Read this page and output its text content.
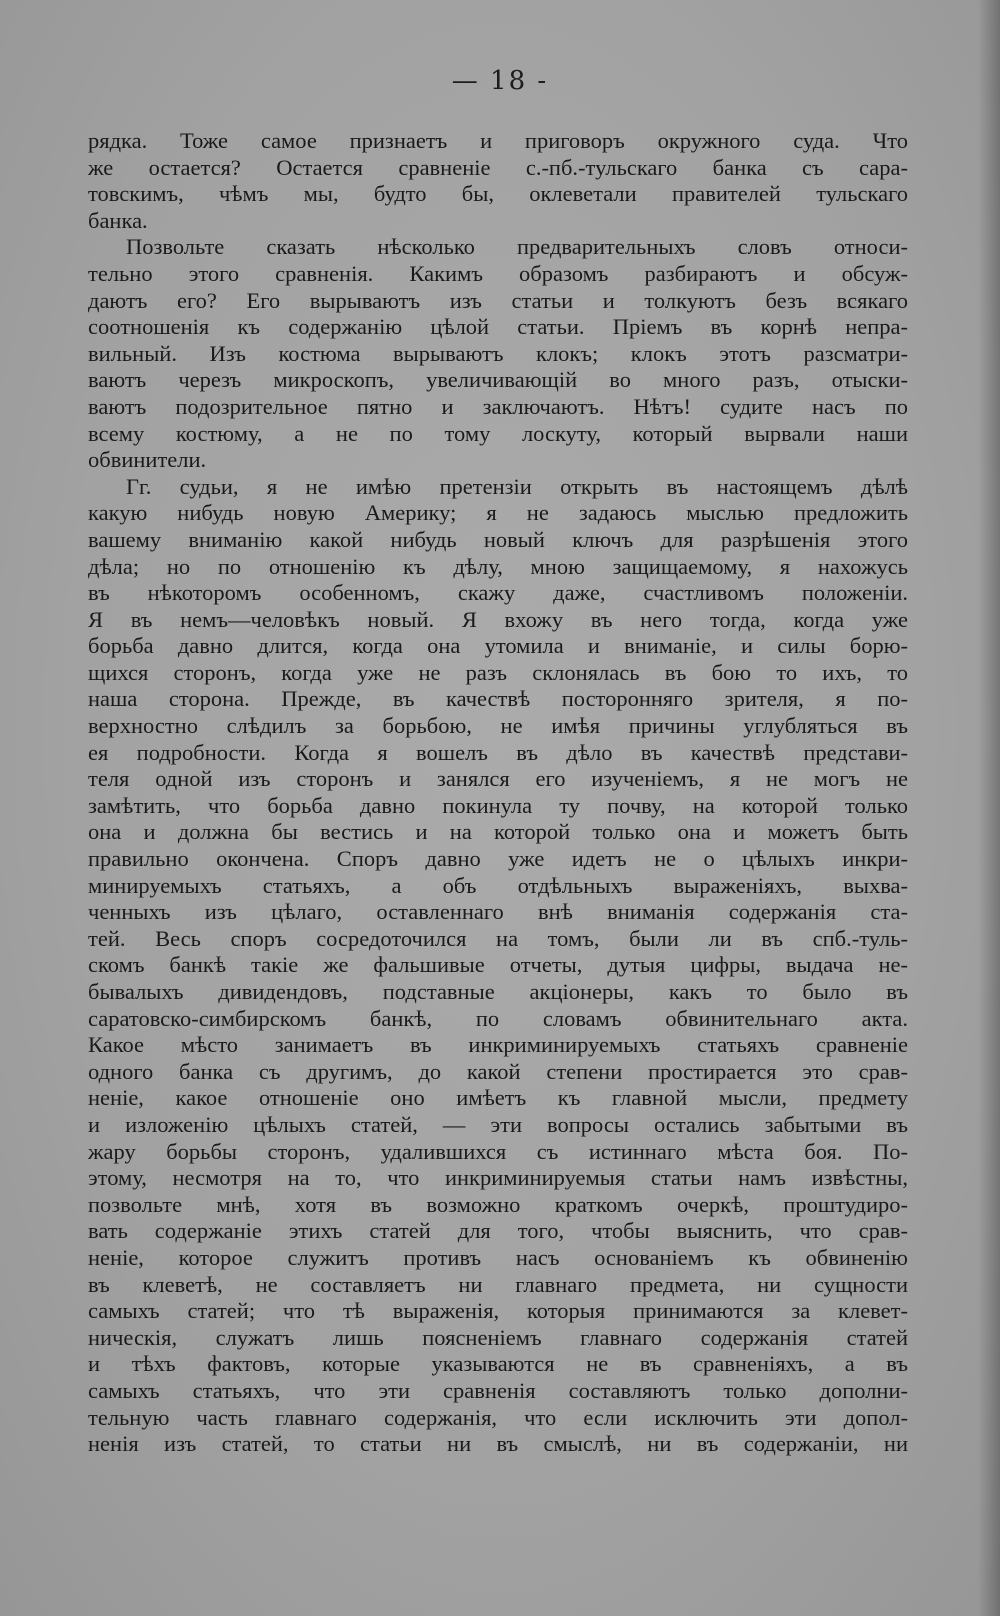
— 18 -
рядка. Тоже самое признаетъ и приговоръ окружного суда. Что
же остается? Остается сравненіе с.-пб.-тульскаго банка съ сара-
товскимъ, чѣмъ мы, будто бы, оклеветали правителей тульскаго
банка.
Позвольте сказать нѣсколько предварительныхъ словъ относи-
тельно этого сравненія. Какимъ образомъ разбираютъ и обсуж-
даютъ его? Его вырываютъ изъ статьи и толкуютъ безъ всякаго
соотношенія къ содержанію цѣлой статьи. Пріемъ въ корнѣ непра-
вильный. Изъ костюма вырываютъ клокъ; клокъ этотъ разсматри-
ваютъ черезъ микроскопъ, увеличивающій во много разъ, отыски-
ваютъ подозрительное пятно и заключаютъ. Нѣтъ! судите насъ по
всему костюму, а не по тому лоскуту, который вырвали наши
обвинители.
Гг. судьи, я не имѣю претензіи открыть въ настоящемъ дѣлѣ
какую нибудь новую Америку; я не задаюсь мыслью предложить
вашему вниманію какой нибудь новый ключъ для разрѣшенія этого
дѣла; но по отношенію къ дѣлу, мною защищаемому, я нахожусь
въ нѣкоторомъ особенномъ, скажу даже, счастливомъ положеніи.
Я въ немъ—человѣкъ новый. Я вхожу въ него тогда, когда уже
борьба давно длится, когда она утомила и вниманіе, и силы борю-
щихся сторонъ, когда уже не разъ склонялась въ бою то ихъ, то
наша сторона. Прежде, въ качествѣ посторонняго зрителя, я по-
верхностно слѣдилъ за борьбою, не имѣя причины углубляться въ
ея подробности. Когда я вошелъ въ дѣло въ качествѣ представи-
теля одной изъ сторонъ и занялся его изученіемъ, я не могъ не
замѣтить, что борьба давно покинула ту почву, на которой только
она и должна бы вестись и на которой только она и можетъ быть
правильно окончена. Споръ давно уже идетъ не о цѣлыхъ инкри-
минируемыхъ статьяхъ, а объ отдѣльныхъ выраженіяхъ, выхва-
ченныхъ изъ цѣлаго, оставленнаго внѣ вниманія содержанія ста-
тей. Весь споръ сосредоточился на томъ, были ли въ спб.-туль-
скомъ банкѣ такіе же фальшивые отчеты, дутыя цифры, выдача не-
бывалыхъ дивидендовъ, подставные акціонеры, какъ то было въ
саратовско-симбирскомъ банкѣ, по словамъ обвинительнаго акта.
Какое мѣсто занимаетъ въ инкриминируемыхъ статьяхъ сравненіе
одного банка съ другимъ, до какой степени простирается это срав-
неніе, какое отношеніе оно имѣетъ къ главной мысли, предмету
и изложенію цѣлыхъ статей, — эти вопросы остались забытыми въ
жару борьбы сторонъ, удалившихся съ истиннаго мѣста боя. По-
этому, несмотря на то, что инкриминируемыя статьи намъ извѣстны,
позвольте мнѣ, хотя въ возможно краткомъ очеркѣ, проштудиро-
вать содержаніе этихъ статей для того, чтобы выяснить, что срав-
неніе, которое служитъ противъ насъ основаніемъ къ обвиненію
въ клеветѣ, не составляетъ ни главнаго предмета, ни сущности
самыхъ статей; что тѣ выраженія, которыя принимаются за клевет-
ническія, служатъ лишь поясненіемъ главнаго содержанія статей
и тѣхъ фактовъ, которые указываются не въ сравненіяхъ, а въ
самыхъ статьяхъ, что эти сравненія составляютъ только дополни-
тельную часть главнаго содержанія, что если исключить эти допол-
ненія изъ статей, то статьи ни въ смыслѣ, ни въ содержаніи, ни
